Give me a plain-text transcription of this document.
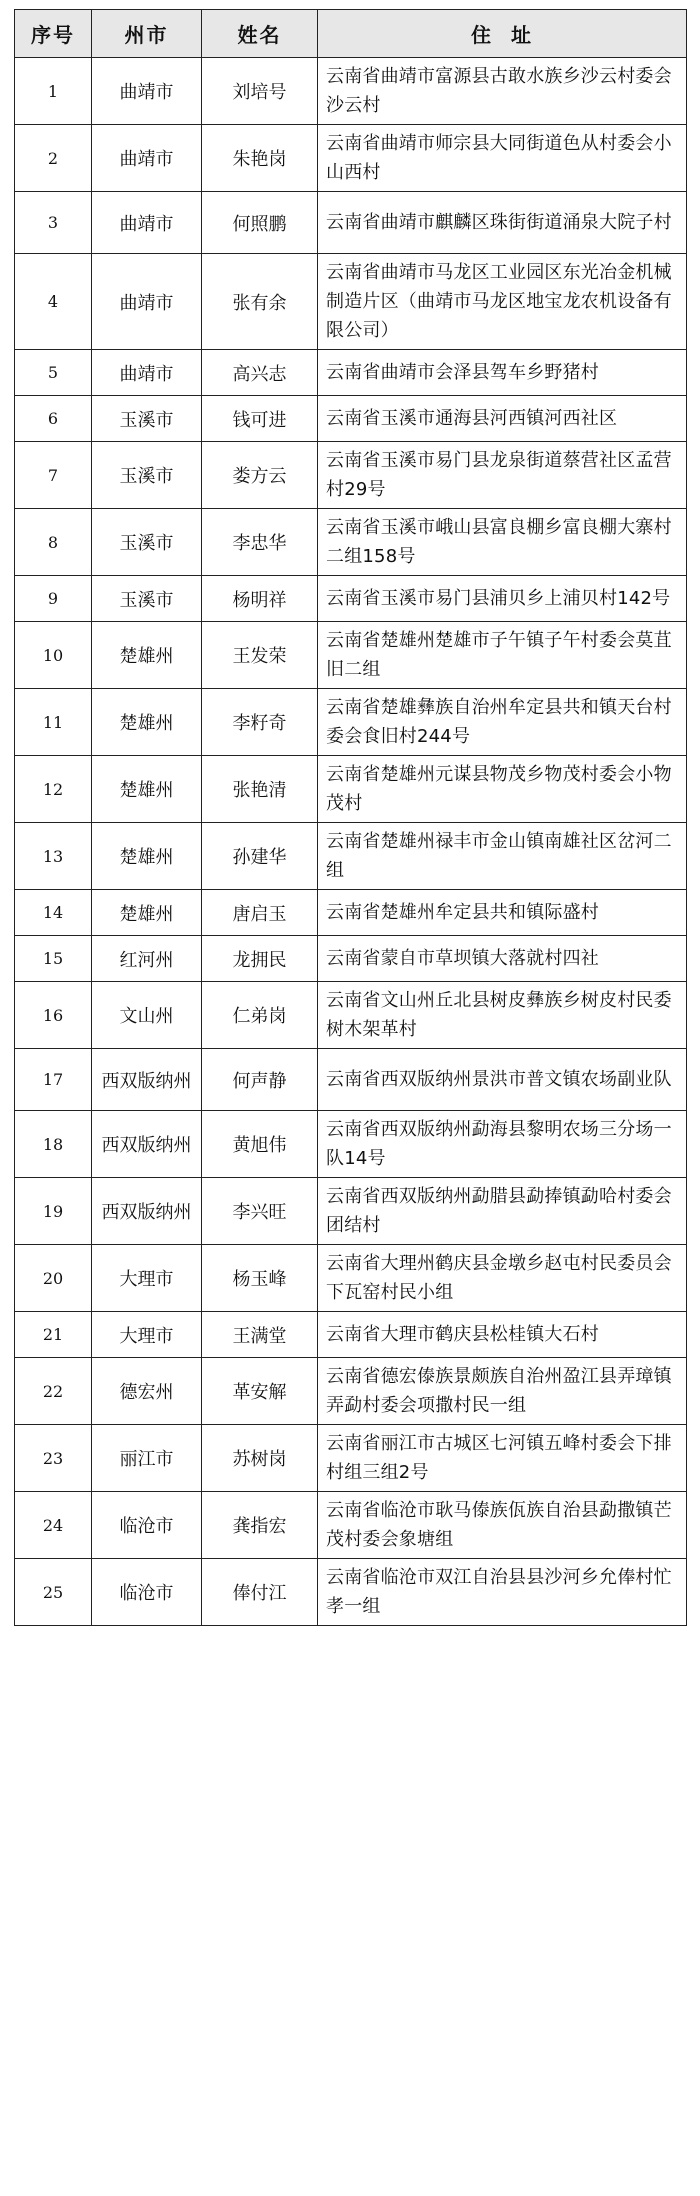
序号	州市	姓名	住  址
1	曲靖市	刘培号	云南省曲靖市富源县古敢水族乡沙云村委会沙云村
2	曲靖市	朱艳岗	云南省曲靖市师宗县大同街道色从村委会小山西村
3	曲靖市	何照鹏	云南省曲靖市麒麟区珠街街道涌泉大院子村
4	曲靖市	张有余	云南省曲靖市马龙区工业园区东光冶金机械制造片区（曲靖市马龙区地宝龙农机设备有限公司）
5	曲靖市	高兴志	云南省曲靖市会泽县驾车乡野猪村
6	玉溪市	钱可进	云南省玉溪市通海县河西镇河西社区
7	玉溪市	娄方云	云南省玉溪市易门县龙泉街道蔡营社区孟营村29号
8	玉溪市	李忠华	云南省玉溪市峨山县富良棚乡富良棚大寨村二组158号
9	玉溪市	杨明祥	云南省玉溪市易门县浦贝乡上浦贝村142号
10	楚雄州	王发荣	云南省楚雄州楚雄市子午镇子午村委会莫苴旧二组
11	楚雄州	李籽奇	云南省楚雄彝族自治州牟定县共和镇天台村委会食旧村244号
12	楚雄州	张艳清	云南省楚雄州元谋县物茂乡物茂村委会小物茂村
13	楚雄州	孙建华	云南省楚雄州禄丰市金山镇南雄社区岔河二组
14	楚雄州	唐启玉	云南省楚雄州牟定县共和镇际盛村
15	红河州	龙拥民	云南省蒙自市草坝镇大落就村四社
16	文山州	仁弟岗	云南省文山州丘北县树皮彝族乡树皮村民委树木架革村
17	西双版纳州	何声静	云南省西双版纳州景洪市普文镇农场副业队
18	西双版纳州	黄旭伟	云南省西双版纳州勐海县黎明农场三分场一队14号
19	西双版纳州	李兴旺	云南省西双版纳州勐腊县勐捧镇勐哈村委会团结村
20	大理市	杨玉峰	云南省大理州鹤庆县金墩乡赵屯村民委员会下瓦窑村民小组
21	大理市	王满堂	云南省大理市鹤庆县松桂镇大石村
22	德宏州	革安解	云南省德宏傣族景颇族自治州盈江县弄璋镇弄勐村委会项撒村民一组
23	丽江市	苏树岗	云南省丽江市古城区七河镇五峰村委会下排村组三组2号
24	临沧市	龚指宏	云南省临沧市耿马傣族佤族自治县勐撒镇芒茂村委会象塘组
25	临沧市	俸付江	云南省临沧市双江自治县县沙河乡允俸村忙孝一组
